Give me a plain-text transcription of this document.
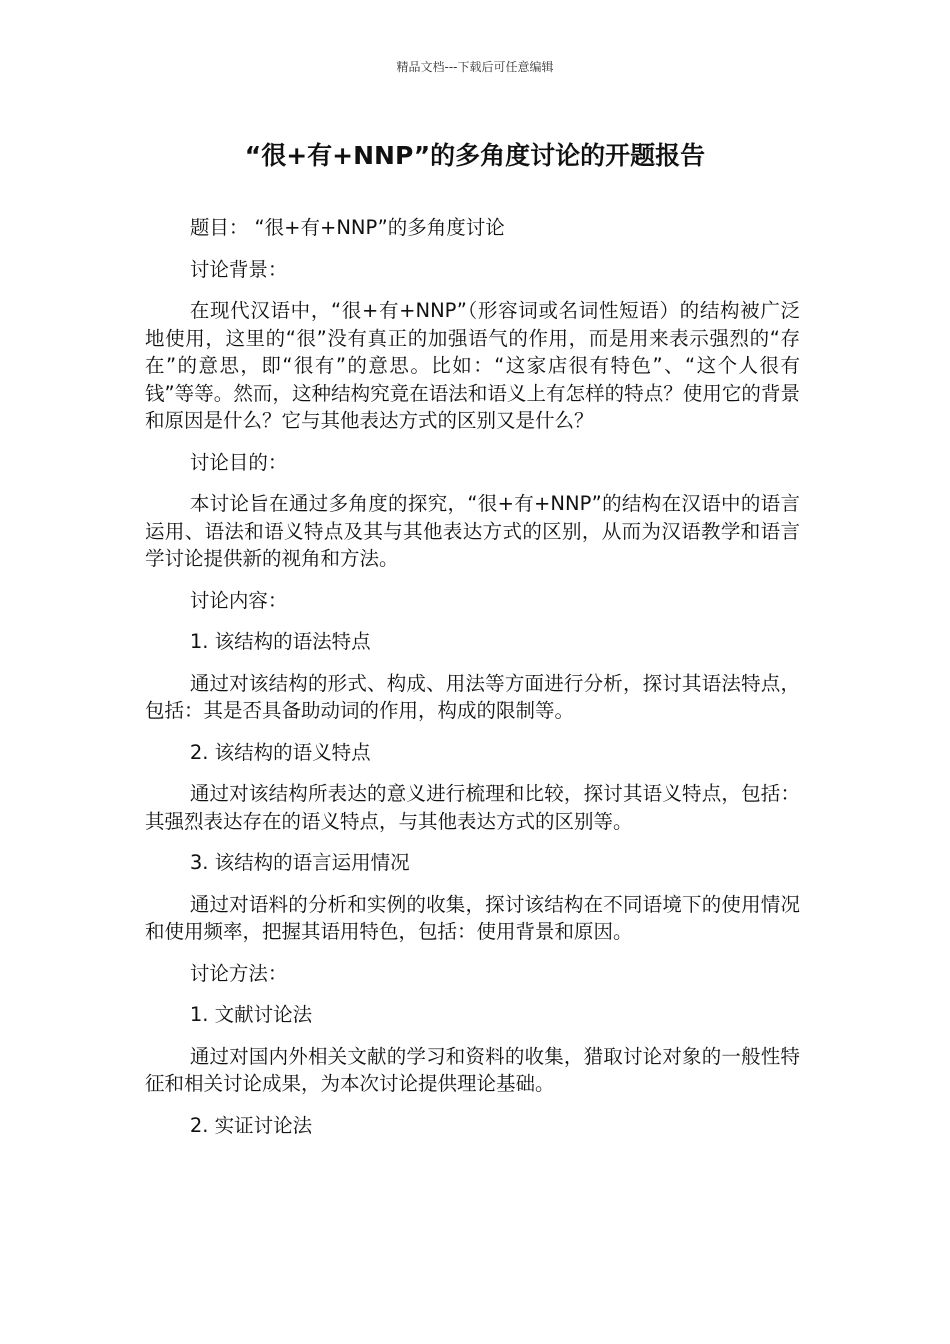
精品文档---下载后可任意编辑
“很+有+NNP”的多角度讨论的开题报告

题目： “很+有+NNP”的多角度讨论

讨论背景：

在现代汉语中，“很+有+NNP”（形容词或名词性短语）的结构被广泛地使用，这里的“很”没有真正的加强语气的作用，而是用来表示强烈的“存在”的意思，即“很有”的意思。比如：“这家店很有特色”、“这个人很有钱”等等。然而，这种结构究竟在语法和语义上有怎样的特点？使用它的背景和原因是什么？它与其他表达方式的区别又是什么？

讨论目的：

本讨论旨在通过多角度的探究，“很+有+NNP”的结构在汉语中的语言运用、语法和语义特点及其与其他表达方式的区别，从而为汉语教学和语言学讨论提供新的视角和方法。

讨论内容：

1. 该结构的语法特点

通过对该结构的形式、构成、用法等方面进行分析，探讨其语法特点，包括：其是否具备助动词的作用，构成的限制等。

2. 该结构的语义特点

通过对该结构所表达的意义进行梳理和比较，探讨其语义特点，包括：其强烈表达存在的语义特点，与其他表达方式的区别等。

3. 该结构的语言运用情况

通过对语料的分析和实例的收集，探讨该结构在不同语境下的使用情况和使用频率，把握其语用特色，包括：使用背景和原因。

讨论方法：

1. 文献讨论法

通过对国内外相关文献的学习和资料的收集，猎取讨论对象的一般性特征和相关讨论成果，为本次讨论提供理论基础。

2. 实证讨论法
